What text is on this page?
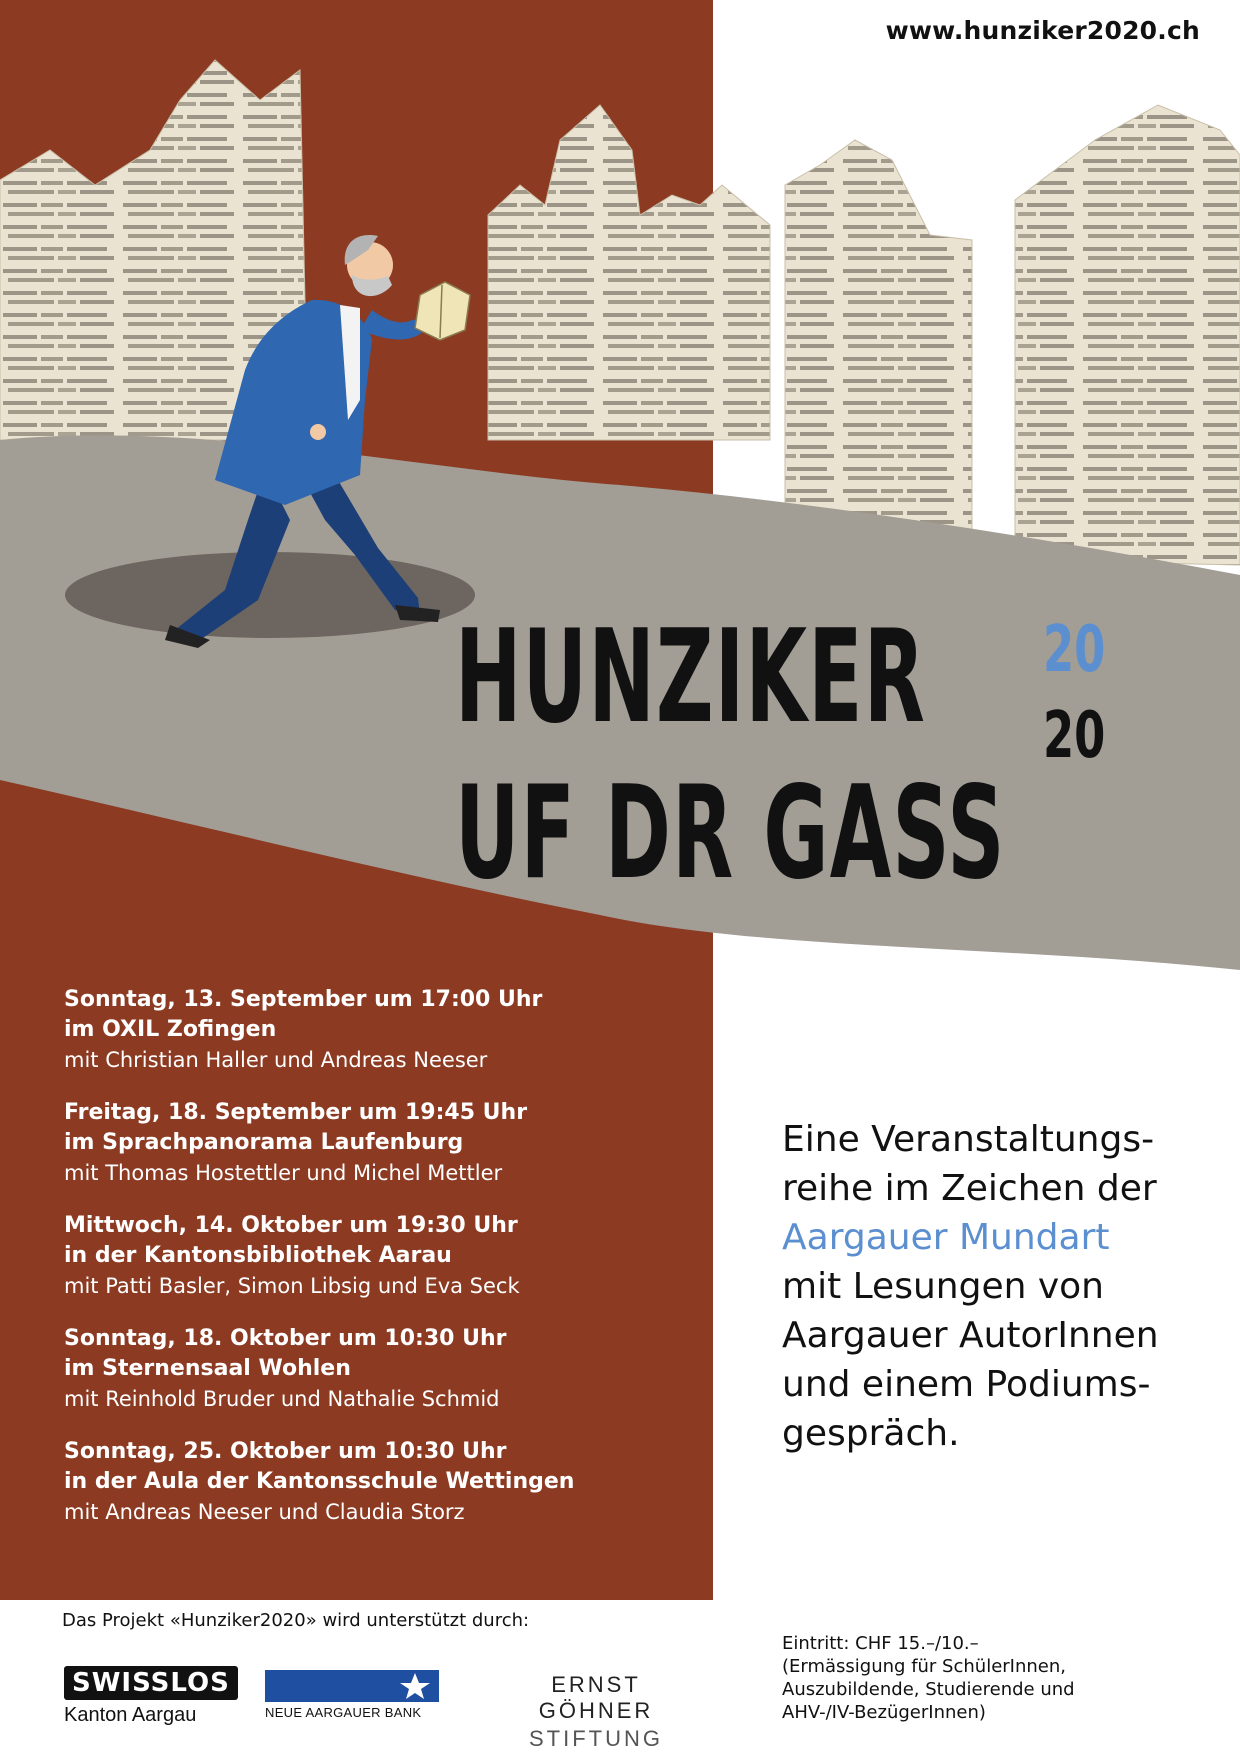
www.hunziker2020.ch
HUNZIKER 20
20
UF DR GASS
Sonntag, 13. September um 17:00 Uhr
im OXIL Zofingen
mit Christian Haller und Andreas Neeser
Freitag, 18. September um 19:45 Uhr
im Sprachpanorama Laufenburg
mit Thomas Hostettler und Michel Mettler
Mittwoch, 14. Oktober um 19:30 Uhr
in der Kantonsbibliothek Aarau
mit Patti Basler, Simon Libsig und Eva Seck
Sonntag, 18. Oktober um 10:30 Uhr
im Sternensaal Wohlen
mit Reinhold Bruder und Nathalie Schmid
Sonntag, 25. Oktober um 10:30 Uhr
in der Aula der Kantonsschule Wettingen
mit Andreas Neeser und Claudia Storz
Eine Veranstaltungs-
reihe im Zeichen der
Aargauer Mundart
mit Lesungen von
Aargauer AutorInnen
und einem Podiums-
gespräch.
Das Projekt «Hunziker2020» wird unterstützt durch:
SWISSLOS
Kanton Aargau	NEUE AARGAUER BANK
ERNST GÖHNER
STIFTUNG
Eintritt: CHF 15.–/10.–
(Ermässigung für SchülerInnen,
Auszubildende, Studierende und
AHV-/IV-BezügerInnen)
